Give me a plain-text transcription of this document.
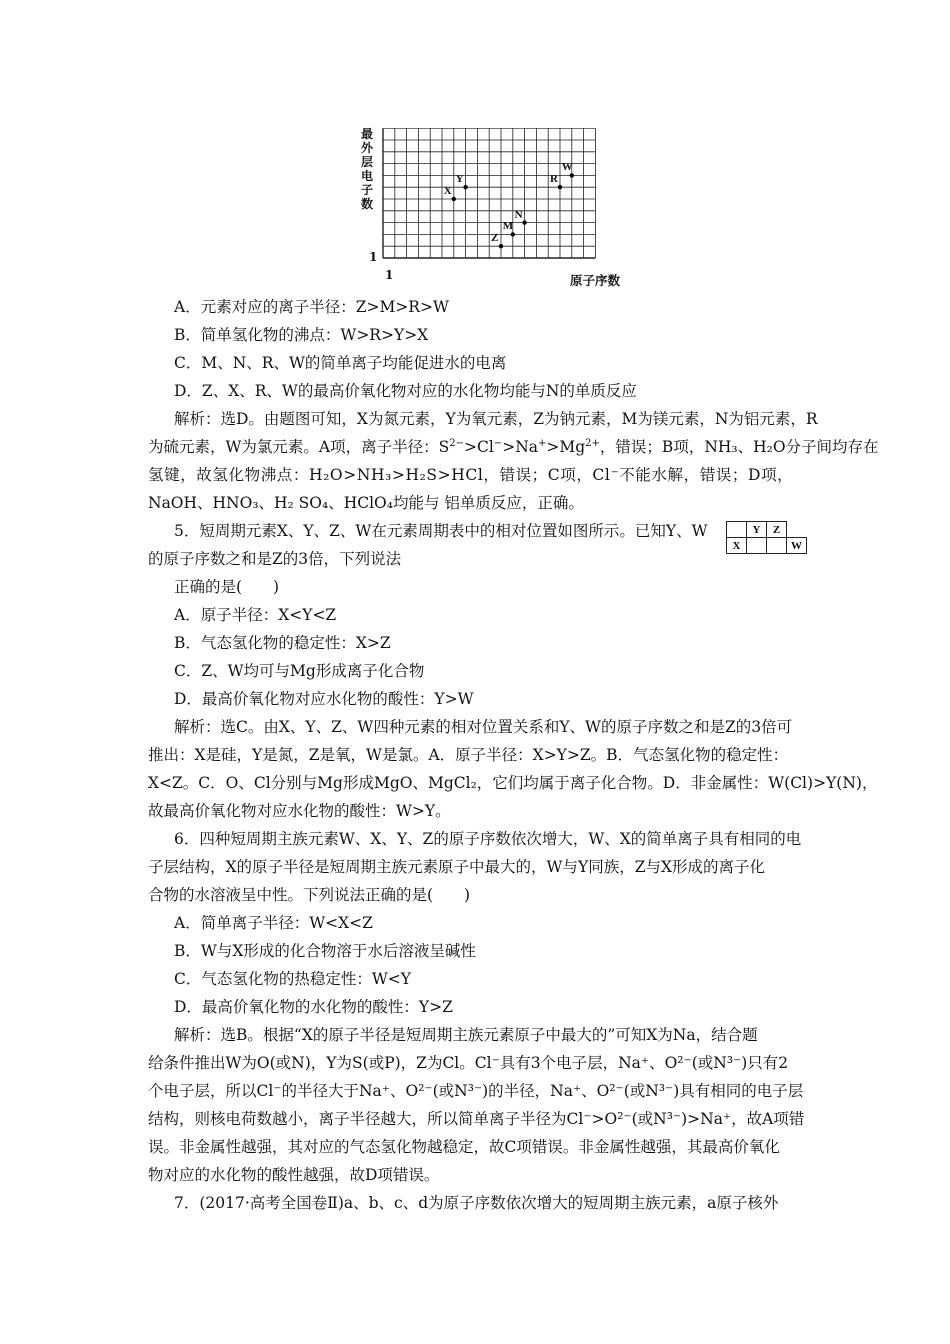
最
外
层
电
子
数
1
1	原子序数
X
Y
Z
M
N
R
W
A．元素对应的离子半径：Z>M>R>W
B．简单氢化物的沸点：W>R>Y>X
C．M、N、R、W的简单离子均能促进水的电离
D．Z、X、R、W的最高价氧化物对应的水化物均能与N的单质反应
解析：选D。由题图可知，X为氮元素，Y为氧元素，Z为钠元素，M为镁元素，N为铝元素，R
为硫元素，W为氯元素。A项，离子半径：$S^{2-}>Cl^->Na^+>Mg^{2+}$，错误；B项，NH₃、H₂O分子间均存在
氢键，故氢化物沸点：H₂O>NH₃>H₂S>HCl，错误；C项，Cl⁻不能水解，错误；D项，
NaOH、HNO₃、H₂ SO₄、HClO₄均能与 铝单质反应，正确。
5．短周期元素X、Y、Z、W在元素周期表中的相对位置如图所示。已知Y、W
的原子序数之和是Z的3倍，下列说法
	Y	Z	
X			W
正确的是(　　)
A．原子半径：X<Y<Z
B．气态氢化物的稳定性：X>Z
C．Z、W均可与Mg形成离子化合物
D．最高价氧化物对应水化物的酸性：Y>W
解析：选C。由X、Y、Z、W四种元素的相对位置关系和Y、W的原子序数之和是Z的3倍可
推出：X是硅，Y是氮，Z是氧，W是氯。A．原子半径：X>Y>Z。B．气态氢化物的稳定性：
X<Z。C．O、Cl分别与Mg形成MgO、MgCl₂，它们均属于离子化合物。D．非金属性：W(Cl)>Y(N)，
故最高价氧化物对应水化物的酸性：W>Y。
6．四种短周期主族元素W、X、Y、Z的原子序数依次增大，W、X的简单离子具有相同的电
子层结构，X的原子半径是短周期主族元素原子中最大的，W与Y同族，Z与X形成的离子化
合物的水溶液呈中性。下列说法正确的是(　　)
A．简单离子半径：W<X<Z
B．W与X形成的化合物溶于水后溶液呈碱性
C．气态氢化物的热稳定性：W<Y
D．最高价氧化物的水化物的酸性：Y>Z
解析：选B。根据“X的原子半径是短周期主族元素原子中最大的”可知X为Na，结合题
给条件推出W为O(或N)，Y为S(或P)，Z为Cl。Cl⁻具有3个电子层，Na⁺、O²⁻(或N³⁻)只有2
个电子层，所以Cl⁻的半径大于Na⁺、O²⁻(或N³⁻)的半径，Na⁺、O²⁻(或N³⁻)具有相同的电子层
结构，则核电荷数越小，离子半径越大，所以简单离子半径为Cl⁻>O²⁻(或N³⁻)>Na⁺，故A项错
误。非金属性越强，其对应的气态氢化物越稳定，故C项错误。非金属性越强，其最高价氧化
物对应的水化物的酸性越强，故D项错误。
7．(2017·高考全国卷Ⅱ)a、b、c、d为原子序数依次增大的短周期主族元素，a原子核外
